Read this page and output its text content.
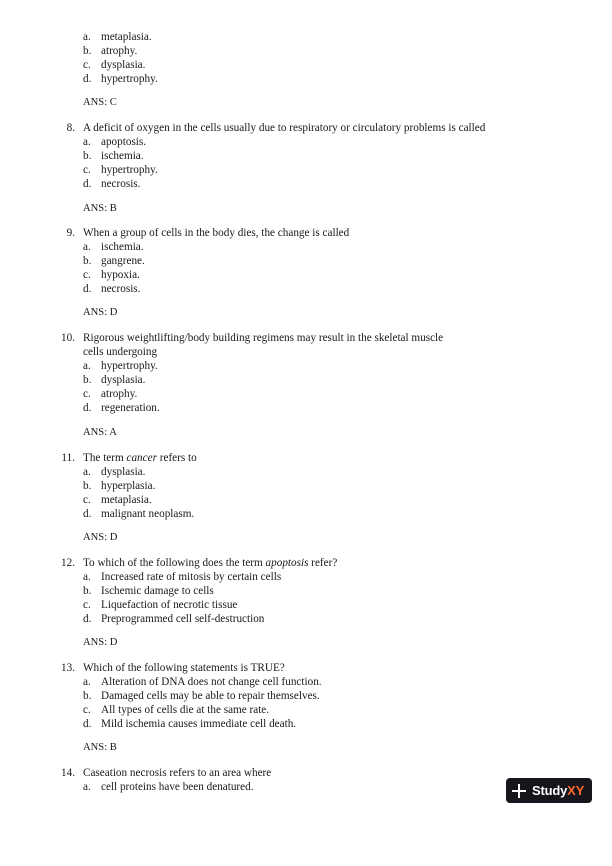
a. metaplasia.
b. atrophy.
c. dysplasia.
d. hypertrophy.
ANS: C
8. A deficit of oxygen in the cells usually due to respiratory or circulatory problems is called
a. apoptosis.
b. ischemia.
c. hypertrophy.
d. necrosis.
ANS: B
9. When a group of cells in the body dies, the change is called
a. ischemia.
b. gangrene.
c. hypoxia.
d. necrosis.
ANS: D
10. Rigorous weightlifting/body building regimens may result in the skeletal muscle
cells undergoing
a. hypertrophy.
b. dysplasia.
c. atrophy.
d. regeneration.
ANS: A
11. The term cancer refers to
a. dysplasia.
b. hyperplasia.
c. metaplasia.
d. malignant neoplasm.
ANS: D
12. To which of the following does the term apoptosis refer?
a. Increased rate of mitosis by certain cells
b. Ischemic damage to cells
c. Liquefaction of necrotic tissue
d. Preprogrammed cell self-destruction
ANS: D
13. Which of the following statements is TRUE?
a. Alteration of DNA does not change cell function.
b. Damaged cells may be able to repair themselves.
c. All types of cells die at the same rate.
d. Mild ischemia causes immediate cell death.
ANS: B
14. Caseation necrosis refers to an area where
a. cell proteins have been denatured.	Study XY
